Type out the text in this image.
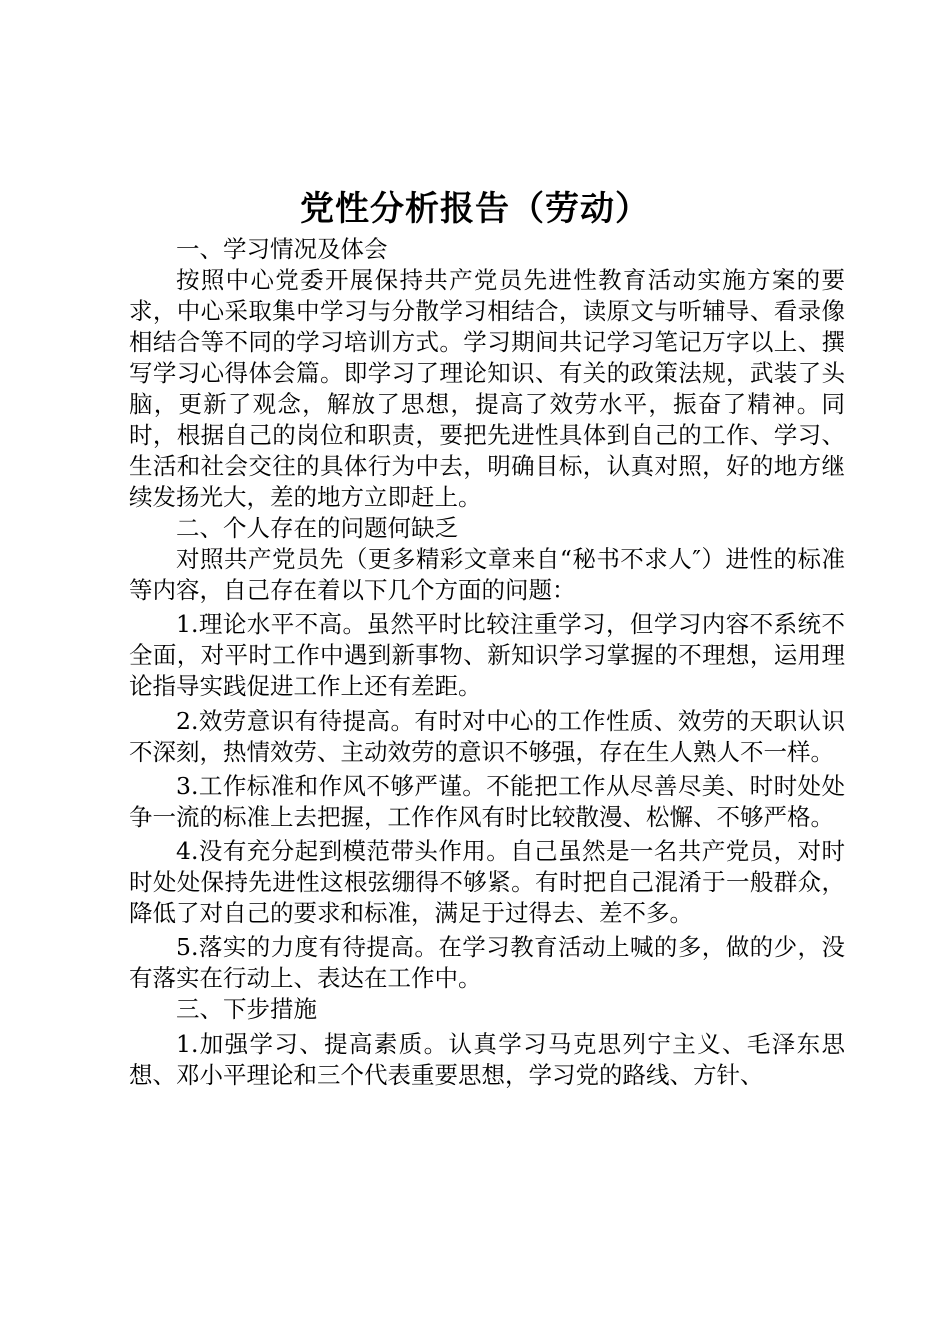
党性分析报告（劳动）

一、学习情况及体会

按照中心党委开展保持共产党员先进性教育活动实施方案的要求，中心采取集中学习与分散学习相结合，读原文与听辅导、看录像相结合等不同的学习培训方式。学习期间共记学习笔记万字以上、撰写学习心得体会篇。即学习了理论知识、有关的政策法规，武装了头脑，更新了观念，解放了思想，提高了效劳水平，振奋了精神。同时，根据自己的岗位和职责，要把先进性具体到自己的工作、学习、生活和社会交往的具体行为中去，明确目标，认真对照，好的地方继续发扬光大，差的地方立即赶上。

二、个人存在的问题何缺乏

对照共产党员先（更多精彩文章来自“秘书不求人″）进性的标准等内容，自己存在着以下几个方面的问题：

1.理论水平不高。虽然平时比较注重学习，但学习内容不系统不全面，对平时工作中遇到新事物、新知识学习掌握的不理想，运用理论指导实践促进工作上还有差距。

2.效劳意识有待提高。有时对中心的工作性质、效劳的天职认识不深刻，热情效劳、主动效劳的意识不够强，存在生人熟人不一样。

3.工作标准和作风不够严谨。不能把工作从尽善尽美、时时处处争一流的标准上去把握，工作作风有时比较散漫、松懈、不够严格。

4.没有充分起到模范带头作用。自己虽然是一名共产党员，对时时处处保持先进性这根弦绷得不够紧。有时把自己混淆于一般群众，降低了对自己的要求和标准，满足于过得去、差不多。

5.落实的力度有待提高。在学习教育活动上喊的多，做的少，没有落实在行动上、表达在工作中。

三、下步措施

1.加强学习、提高素质。认真学习马克思列宁主义、毛泽东思想、邓小平理论和三个代表重要思想，学习党的路线、方针、
